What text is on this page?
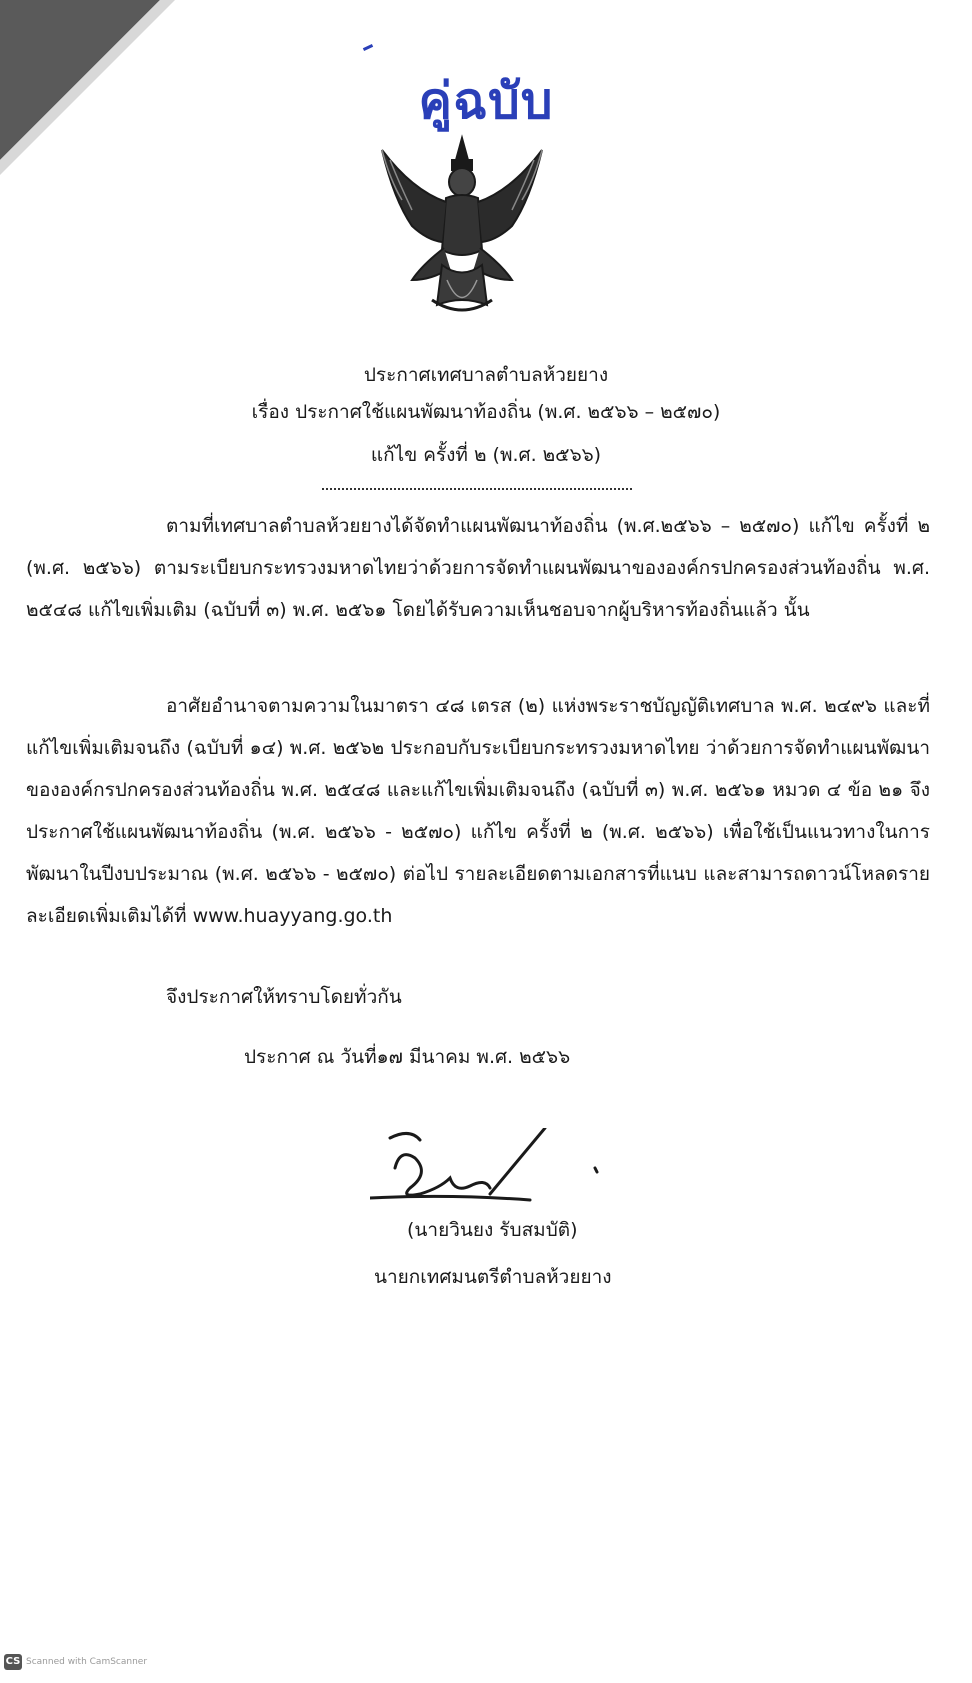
คู่ฉบับ
ประกาศเทศบาลตำบลห้วยยาง
เรื่อง ประกาศใช้แผนพัฒนาท้องถิ่น (พ.ศ. ๒๕๖๖ – ๒๕๗๐)
แก้ไข ครั้งที่ ๒ (พ.ศ. ๒๕๖๖)

ตามที่เทศบาลตำบลห้วยยางได้จัดทำแผนพัฒนาท้องถิ่น (พ.ศ.๒๕๖๖ – ๒๕๗๐) แก้ไข ครั้งที่ ๒ (พ.ศ. ๒๕๖๖) ตามระเบียบกระทรวงมหาดไทยว่าด้วยการจัดทำแผนพัฒนาขององค์กรปกครองส่วนท้องถิ่น พ.ศ. ๒๕๔๘ แก้ไขเพิ่มเติม (ฉบับที่ ๓) พ.ศ. ๒๕๖๑ โดยได้รับความเห็นชอบจากผู้บริหารท้องถิ่นแล้ว นั้น

อาศัยอำนาจตามความในมาตรา ๔๘ เตรส (๒) แห่งพระราชบัญญัติเทศบาล พ.ศ. ๒๔๙๖ และที่แก้ไขเพิ่มเติมจนถึง (ฉบับที่ ๑๔) พ.ศ. ๒๕๖๒ ประกอบกับระเบียบกระทรวงมหาดไทย ว่าด้วยการจัดทำแผนพัฒนาขององค์กรปกครองส่วนท้องถิ่น พ.ศ. ๒๕๔๘ และแก้ไขเพิ่มเติมจนถึง (ฉบับที่ ๓) พ.ศ. ๒๕๖๑ หมวด ๔ ข้อ ๒๑ จึงประกาศใช้แผนพัฒนาท้องถิ่น (พ.ศ. ๒๕๖๖ - ๒๕๗๐) แก้ไข ครั้งที่ ๒ (พ.ศ. ๒๕๖๖) เพื่อใช้เป็นแนวทางในการพัฒนาในปีงบประมาณ (พ.ศ. ๒๕๖๖ - ๒๕๗๐) ต่อไป รายละเอียดตามเอกสารที่แนบ และสามารถดาวน์โหลดรายละเอียดเพิ่มเติมได้ที่ www.huayyang.go.th

จึงประกาศให้ทราบโดยทั่วกัน
ประกาศ ณ วันที่๑๗ มีนาคม พ.ศ. ๒๕๖๖
(นายวินยง รับสมบัติ)
นายกเทศมนตรีตำบลห้วยยาง
CS Scanned with CamScanner
